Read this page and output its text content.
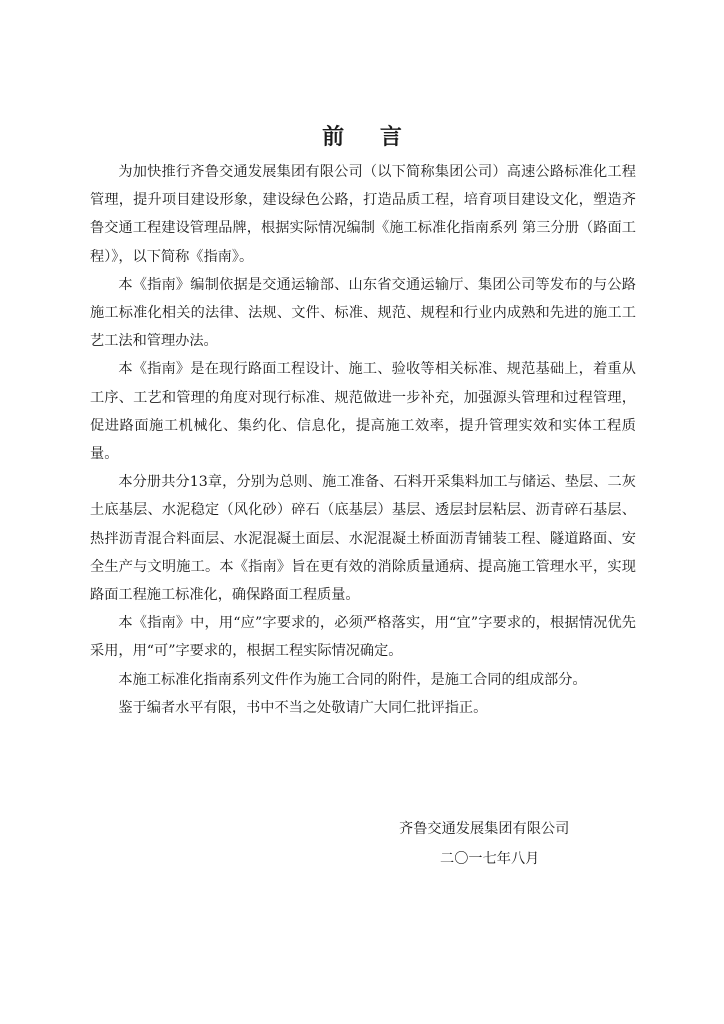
前 言

为加快推行齐鲁交通发展集团有限公司（以下简称集团公司）高速公路标准化工程管理，提升项目建设形象，建设绿色公路，打造品质工程，培育项目建设文化，塑造齐鲁交通工程建设管理品牌，根据实际情况编制《施工标准化指南系列 第三分册（路面工程）》，以下简称《指南》。

本《指南》编制依据是交通运输部、山东省交通运输厅、集团公司等发布的与公路施工标准化相关的法律、法规、文件、标准、规范、规程和行业内成熟和先进的施工工艺工法和管理办法。

本《指南》是在现行路面工程设计、施工、验收等相关标准、规范基础上，着重从工序、工艺和管理的角度对现行标准、规范做进一步补充，加强源头管理和过程管理，促进路面施工机械化、集约化、信息化，提高施工效率，提升管理实效和实体工程质量。

本分册共分13章，分别为总则、施工准备、石料开采集料加工与储运、垫层、二灰土底基层、水泥稳定（风化砂）碎石（底基层）基层、透层封层粘层、沥青碎石基层、热拌沥青混合料面层、水泥混凝土面层、水泥混凝土桥面沥青铺装工程、隧道路面、安全生产与文明施工。本《指南》旨在更有效的消除质量通病、提高施工管理水平，实现路面工程施工标准化，确保路面工程质量。

本《指南》中，用“应”字要求的，必须严格落实，用“宜”字要求的，根据情况优先采用，用“可”字要求的，根据工程实际情况确定。

本施工标准化指南系列文件作为施工合同的附件，是施工合同的组成部分。

鉴于编者水平有限，书中不当之处敬请广大同仁批评指正。

齐鲁交通发展集团有限公司
二〇一七年八月
